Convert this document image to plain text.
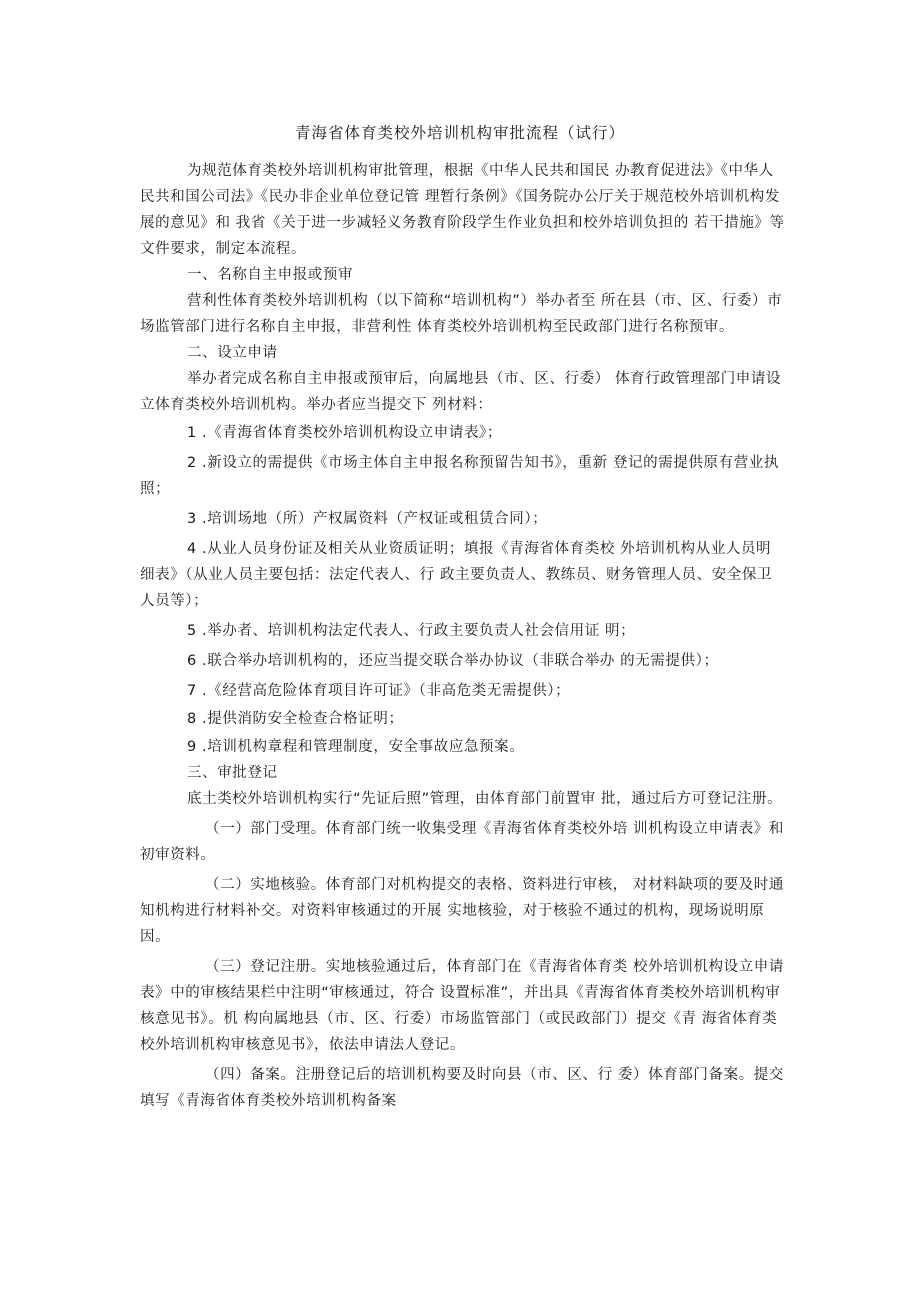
青海省体育类校外培训机构审批流程（试行）

为规范体育类校外培训机构审批管理，根据《中华人民共和国民 办教育促进法》《中华人民共和国公司法》《民办非企业单位登记管 理暂行条例》《国务院办公厅关于规范校外培训机构发展的意见》和 我省《关于进一步减轻义务教育阶段学生作业负担和校外培训负担的 若干措施》等文件要求，制定本流程。

一、名称自主申报或预审

营利性体育类校外培训机构（以下简称“培训机构”）举办者至 所在县（市、区、行委）市场监管部门进行名称自主申报，非营利性 体育类校外培训机构至民政部门进行名称预审。

二、设立申请

举办者完成名称自主申报或预审后，向属地县（市、区、行委） 体育行政管理部门申请设立体育类校外培训机构。举办者应当提交下 列材料：

1 .《青海省体育类校外培训机构设立申请表》；

2 .新设立的需提供《市场主体自主申报名称预留告知书》，重新 登记的需提供原有营业执照；

3 .培训场地（所）产权属资料（产权证或租赁合同）；

4 .从业人员身份证及相关从业资质证明；填报《青海省体育类校 外培训机构从业人员明细表》（从业人员主要包括：法定代表人、行 政主要负责人、教练员、财务管理人员、安全保卫人员等）；

5 .举办者、培训机构法定代表人、行政主要负责人社会信用证 明；

6 .联合举办培训机构的，还应当提交联合举办协议（非联合举办 的无需提供）；

7 .《经营高危险体育项目许可证》（非高危类无需提供）；

8 .提供消防安全检查合格证明；

9 .培训机构章程和管理制度，安全事故应急预案。

三、审批登记

底土类校外培训机构实行“先证后照”管理，由体育部门前置审 批，通过后方可登记注册。

（一）部门受理。体育部门统一收集受理《青海省体育类校外培 训机构设立申请表》和初审资料。

（二）实地核验。体育部门对机构提交的表格、资料进行审核， 对材料缺项的要及时通知机构进行材料补交。对资料审核通过的开展 实地核验，对于核验不通过的机构，现场说明原因。

（三）登记注册。实地核验通过后，体育部门在《青海省体育类 校外培训机构设立申请表》中的审核结果栏中注明“审核通过，符合 设置标准”，并出具《青海省体育类校外培训机构审核意见书》。机 构向属地县（市、区、行委）市场监管部门（或民政部门）提交《青 海省体育类校外培训机构审核意见书》，依法申请法人登记。

（四）备案。注册登记后的培训机构要及时向县（市、区、行 委）体育部门备案。提交填写《青海省体育类校外培训机构备案
